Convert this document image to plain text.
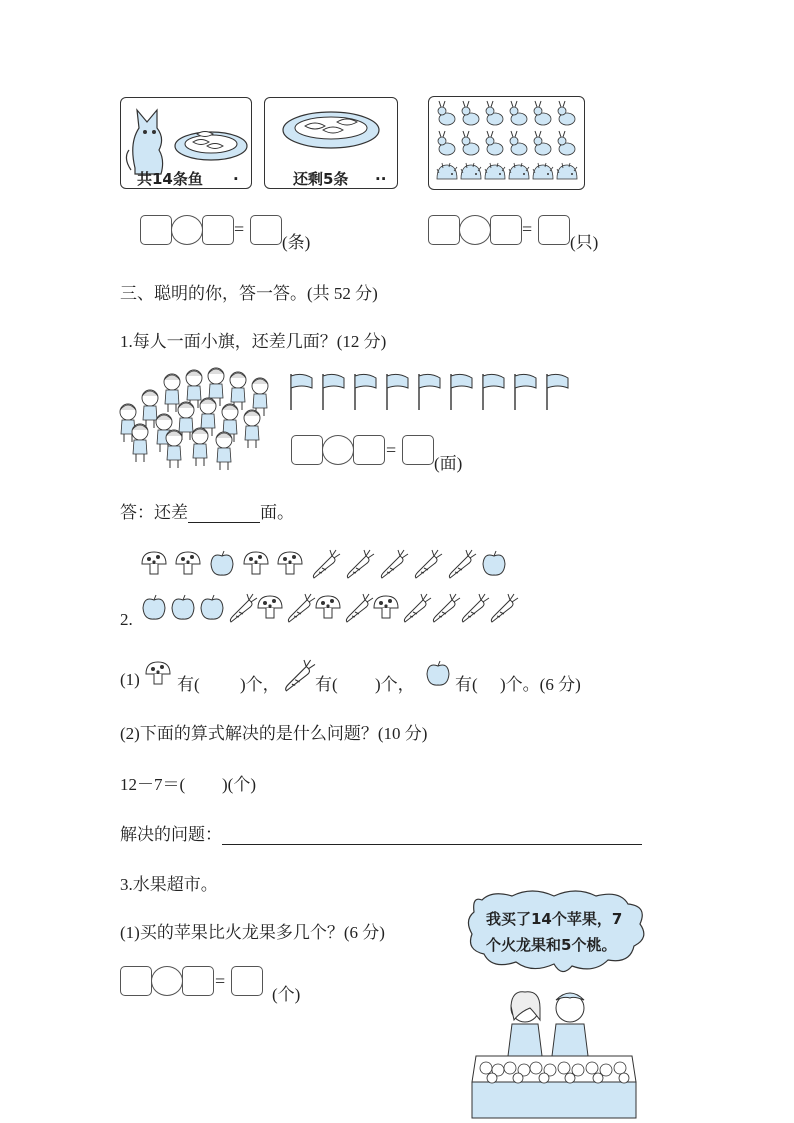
共14条鱼 .	还剩5条 ..
=
(条)
=
(只)
三、聪明的你，答一答。(共 52 分)
1.每人一面小旗，还差几面？(12 分)
=
(面)
答：还差	面。
2.
(1) 有( )个， 有( )个， 有( )个。(6 分)
(2)下面的算式解决的是什么问题？(10 分)
12－7＝( )(个)
解决的问题：
3.水果超市。
(1)买的苹果比火龙果多几个？(6 分)
=
(个)
我买了14个苹果，7
个火龙果和5个桃。
